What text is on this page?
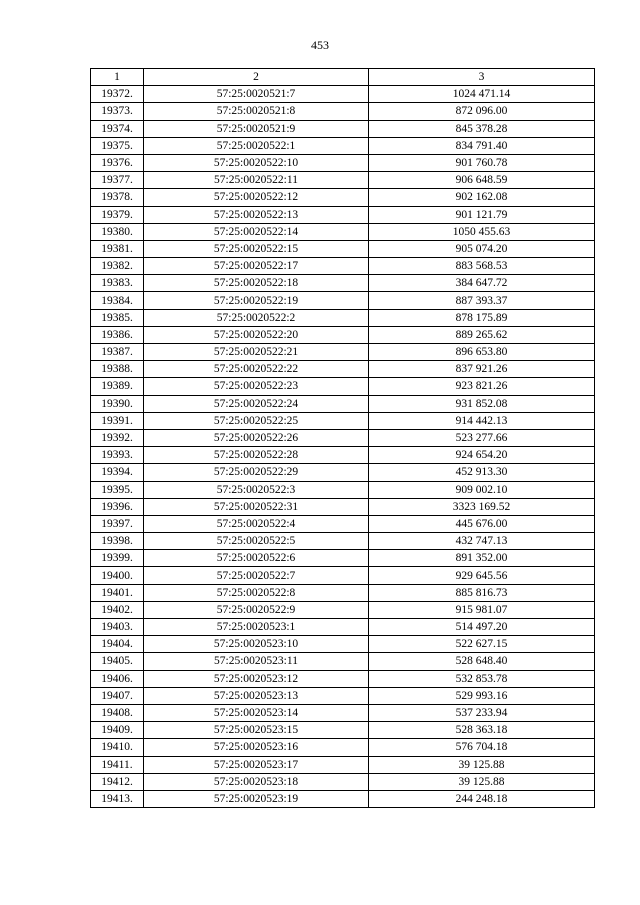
453
1	2	3
19372.	57:25:0020521:7	1024 471.14
19373.	57:25:0020521:8	872 096.00
19374.	57:25:0020521:9	845 378.28
19375.	57:25:0020522:1	834 791.40
19376.	57:25:0020522:10	901 760.78
19377.	57:25:0020522:11	906 648.59
19378.	57:25:0020522:12	902 162.08
19379.	57:25:0020522:13	901 121.79
19380.	57:25:0020522:14	1050 455.63
19381.	57:25:0020522:15	905 074.20
19382.	57:25:0020522:17	883 568.53
19383.	57:25:0020522:18	384 647.72
19384.	57:25:0020522:19	887 393.37
19385.	57:25:0020522:2	878 175.89
19386.	57:25:0020522:20	889 265.62
19387.	57:25:0020522:21	896 653.80
19388.	57:25:0020522:22	837 921.26
19389.	57:25:0020522:23	923 821.26
19390.	57:25:0020522:24	931 852.08
19391.	57:25:0020522:25	914 442.13
19392.	57:25:0020522:26	523 277.66
19393.	57:25:0020522:28	924 654.20
19394.	57:25:0020522:29	452 913.30
19395.	57:25:0020522:3	909 002.10
19396.	57:25:0020522:31	3323 169.52
19397.	57:25:0020522:4	445 676.00
19398.	57:25:0020522:5	432 747.13
19399.	57:25:0020522:6	891 352.00
19400.	57:25:0020522:7	929 645.56
19401.	57:25:0020522:8	885 816.73
19402.	57:25:0020522:9	915 981.07
19403.	57:25:0020523:1	514 497.20
19404.	57:25:0020523:10	522 627.15
19405.	57:25:0020523:11	528 648.40
19406.	57:25:0020523:12	532 853.78
19407.	57:25:0020523:13	529 993.16
19408.	57:25:0020523:14	537 233.94
19409.	57:25:0020523:15	528 363.18
19410.	57:25:0020523:16	576 704.18
19411.	57:25:0020523:17	39 125.88
19412.	57:25:0020523:18	39 125.88
19413.	57:25:0020523:19	244 248.18
